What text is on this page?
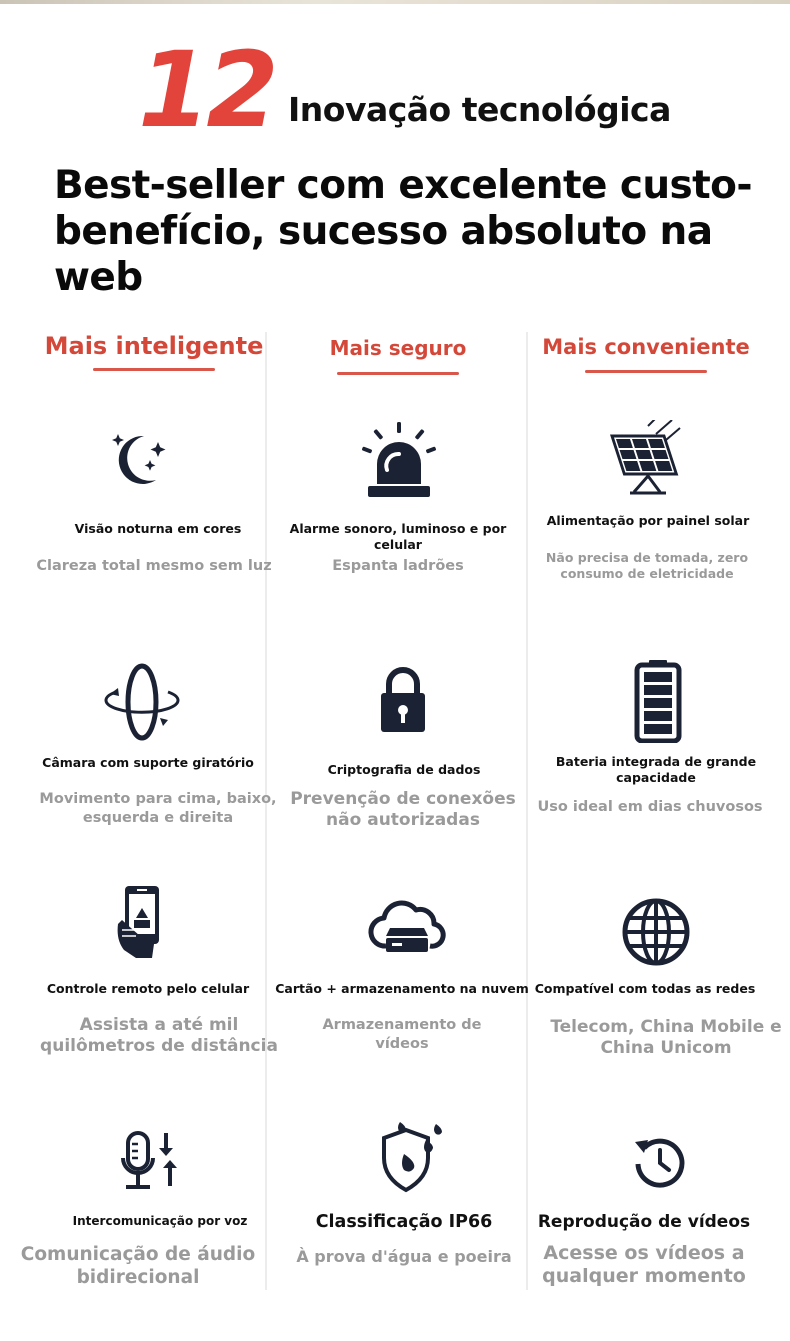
12 Inovação tecnológica
Best-seller com excelente custo-
benefício, sucesso absoluto na web
Mais inteligente	Mais seguro	Mais conveniente
Visão noturna em cores
Clareza total mesmo sem luz
Alarme sonoro, luminoso e por celular
Espanta ladrões
Alimentação por painel solar
Não precisa de tomada, zero consumo de eletricidade
Câmara com suporte giratório
Movimento para cima, baixo, esquerda e direita
Criptografia de dados
Prevenção de conexões não autorizadas
Bateria integrada de grande capacidade
Uso ideal em dias chuvosos
Controle remoto pelo celular
Assista a até mil quilômetros de distância
Cartão + armazenamento na nuvem
Armazenamento de vídeos
Compatível com todas as redes
Telecom, China Mobile e China Unicom
Intercomunicação por voz
Comunicação de áudio bidirecional
Classificação IP66
À prova d'água e poeira
Reprodução de vídeos
Acesse os vídeos a qualquer momento
